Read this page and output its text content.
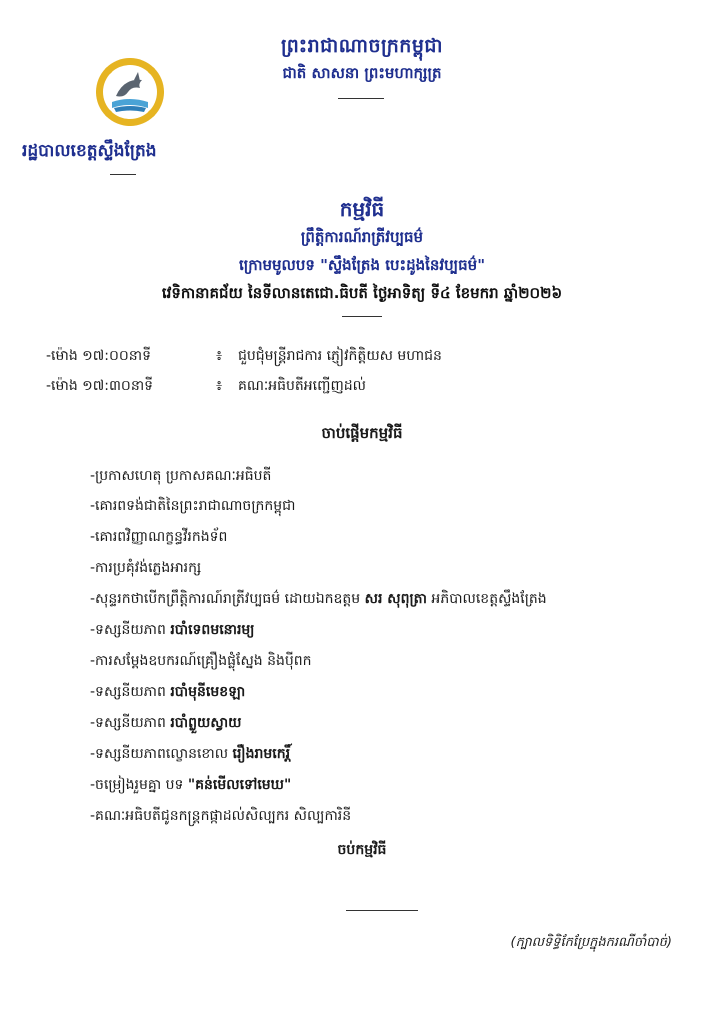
ព្រះរាជាណាចក្រកម្ពុជា
ជាតិ សាសនា ព្រះមហាក្សត្រ
រដ្ឋបាលខេត្តស្ទឹងត្រែង
កម្មវិធី
ព្រឹត្តិការណ៍រាត្រីវប្បធម៌
ក្រោមមូលបទ "ស្ទឹងត្រែង បេះដូងនៃវប្បធម៌"
វេទិកានាគជ័យ នៃទីលានតេជោ.ធិបតី ថ្ងៃអាទិត្យ ទី៤ ខែមករា ឆ្នាំ២០២៦
-ម៉ោង ១៧:០០នាទី	៖ ជួបជុំមន្ត្រីរាជការ ភ្ញៀវកិត្តិយស មហាជន
-ម៉ោង ១៧:៣០នាទី	៖ គណៈអធិបតីអញ្ជើញដល់
ចាប់ផ្ដើមកម្មវិធី
-ប្រកាសហេតុ ប្រកាសគណៈអធិបតី
-គោរពទង់ជាតិនៃព្រះរាជាណាចក្រកម្ពុជា
-គោរពវិញ្ញាណក្ខន្ធវីរកងទ័ព
-ការប្រគុំវង់ភ្លេងអារក្ស
-សុន្ទរកថាបើកព្រឹត្តិការណ៍រាត្រីវប្បធម៌ ដោយឯកឧត្តម សរ សុពុត្រា អភិបាលខេត្តស្ទឹងត្រែង
-ទស្សនីយភាព របាំទេពមនោរម្យ
-ការសម្ដែងឧបករណ៍គ្រឿងផ្លុំស្នែង និងប៉ីពក
-ទស្សនីយភាព របាំមុនីមេខឡា
-ទស្សនីយភាព របាំព្លួយស្វាយ
-ទស្សនីយភាពល្ខោនខោល រឿងរាមកេរ្តិ៍
-ចម្រៀងរួមគ្នា បទ "គន់មើលទៅមេឃ"
-គណៈអធិបតីជូនកន្ត្រកផ្កាដល់សិល្បករ សិល្បការិនី
ចប់កម្មវិធី
(ក្បាលទិទ្ធិកែប្រែក្នុងករណីចាំបាច់)
